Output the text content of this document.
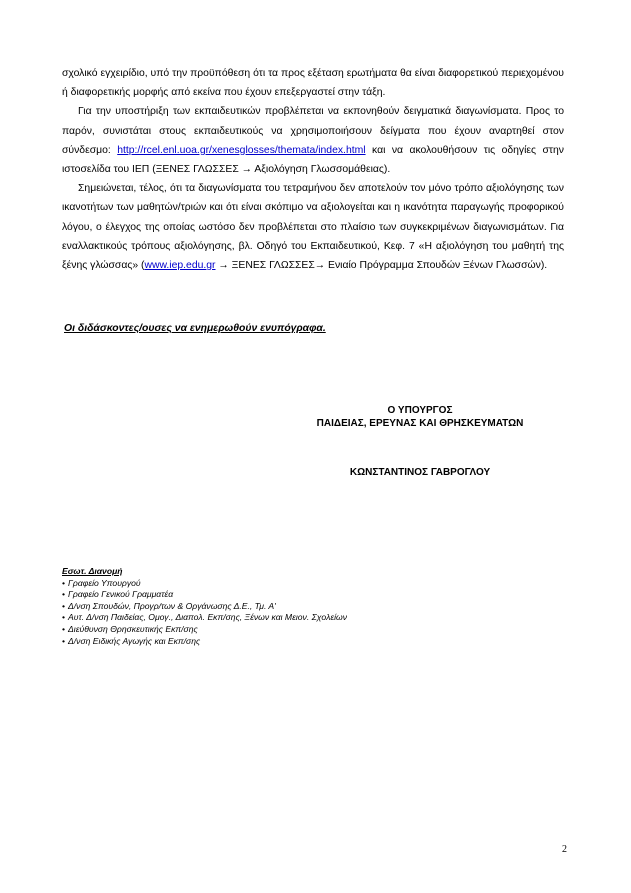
σχολικό εγχειρίδιο, υπό την προϋπόθεση ότι τα προς εξέταση ερωτήματα θα είναι διαφορετικού περιεχομένου ή διαφορετικής μορφής από εκείνα που έχουν επεξεργαστεί στην τάξη.

Για την υποστήριξη των εκπαιδευτικών προβλέπεται να εκπονηθούν δειγματικά διαγωνίσματα. Προς το παρόν, συνιστάται στους εκπαιδευτικούς να χρησιμοποιήσουν δείγματα που έχουν αναρτηθεί στον σύνδεσμο: http://rcel.enl.uoa.gr/xenesglosses/themata/index.html και να ακολουθήσουν τις οδηγίες στην ιστοσελίδα του ΙΕΠ (ΞΕΝΕΣ ΓΛΩΣΣΕΣ → Αξιολόγηση Γλωσσομάθειας).

Σημειώνεται, τέλος, ότι τα διαγωνίσματα του τετραμήνου δεν αποτελούν τον μόνο τρόπο αξιολόγησης των ικανοτήτων των μαθητών/τριών και ότι είναι σκόπιμο να αξιολογείται και η ικανότητα παραγωγής προφορικού λόγου, ο έλεγχος της οποίας ωστόσο δεν προβλέπεται στο πλαίσιο των συγκεκριμένων διαγωνισμάτων. Για εναλλακτικούς τρόπους αξιολόγησης, βλ. Οδηγό του Εκπαιδευτικού, Κεφ. 7 «Η αξιολόγηση του μαθητή της ξένης γλώσσας» (www.iep.edu.gr → ΞΕΝΕΣ ΓΛΩΣΣΕΣ→ Ενιαίο Πρόγραμμα Σπουδών Ξένων Γλωσσών).

Οι διδάσκοντες/ουσες να ενημερωθούν ενυπόγραφα.
Ο ΥΠΟΥΡΓΟΣ
ΠΑΙΔΕΙΑΣ, ΕΡΕΥΝΑΣ ΚΑΙ ΘΡΗΣΚΕΥΜΑΤΩΝ
ΚΩΝΣΤΑΝΤΙΝΟΣ ΓΑΒΡΟΓΛΟΥ
Εσωτ. Διανομή
• Γραφείο Υπουργού
• Γραφείο Γενικού Γραμματέα
• Δ/νση Σπουδών, Προγρ/των & Οργάνωσης Δ.Ε., Τμ. Α'
• Αυτ. Δ/νση Παιδείας, Ομογ., Διαπολ. Εκπ/σης, Ξένων και Μειον. Σχολείων
• Διεύθυνση Θρησκευτικής Εκπ/σης
• Δ/νση Ειδικής Αγωγής και Εκπ/σης
2
